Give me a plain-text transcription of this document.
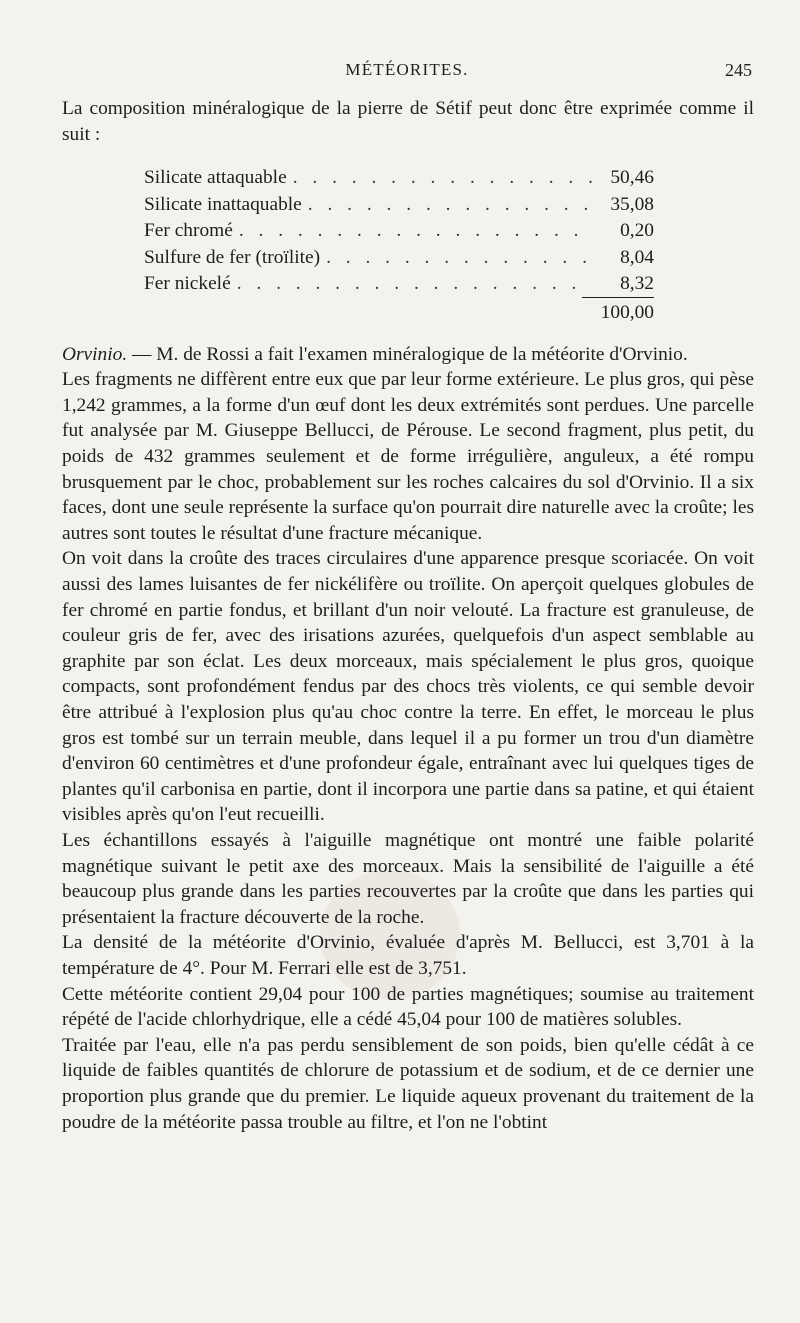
MÉTÉORITES.	245

La composition minéralogique de la pierre de Sétif peut donc être exprimée comme il suit :

Silicate attaquable . . .	50,46
Silicate inattaquable . . .	35,08
Fer chromé . . .	0,20
Sulfure de fer (troïlite) . . .	8,04
Fer nickelé . . .	8,32
100,00

Orvinio. — M. de Rossi a fait l'examen minéralogique de la météorite d'Orvinio.

Les fragments ne diffèrent entre eux que par leur forme extérieure. Le plus gros, qui pèse 1,242 grammes, a la forme d'un œuf dont les deux extrémités sont perdues. Une parcelle fut analysée par M. Giuseppe Bellucci, de Pérouse. Le second fragment, plus petit, du poids de 432 grammes seulement et de forme irrégulière, anguleux, a été rompu brusquement par le choc, probablement sur les roches calcaires du sol d'Orvinio. Il a six faces, dont une seule représente la surface qu'on pourrait dire naturelle avec la croûte; les autres sont toutes le résultat d'une fracture mécanique.

On voit dans la croûte des traces circulaires d'une apparence presque scoriacée. On voit aussi des lames luisantes de fer nickélifère ou troïlite. On aperçoit quelques globules de fer chromé en partie fondus, et brillant d'un noir velouté. La fracture est granuleuse, de couleur gris de fer, avec des irisations azurées, quelquefois d'un aspect semblable au graphite par son éclat. Les deux morceaux, mais spécialement le plus gros, quoique compacts, sont profondément fendus par des chocs très violents, ce qui semble devoir être attribué à l'explosion plus qu'au choc contre la terre. En effet, le morceau le plus gros est tombé sur un terrain meuble, dans lequel il a pu former un trou d'un diamètre d'environ 60 centimètres et d'une profondeur égale, entraînant avec lui quelques tiges de plantes qu'il carbonisa en partie, dont il incorpora une partie dans sa patine, et qui étaient visibles après qu'on l'eut recueilli.

Les échantillons essayés à l'aiguille magnétique ont montré une faible polarité magnétique suivant le petit axe des morceaux. Mais la sensibilité de l'aiguille a été beaucoup plus grande dans les parties recouvertes par la croûte que dans les parties qui présentaient la fracture découverte de la roche.

La densité de la météorite d'Orvinio, évaluée d'après M. Bellucci, est 3,701 à la température de 4°. Pour M. Ferrari elle est de 3,751.

Cette météorite contient 29,04 pour 100 de parties magnétiques; soumise au traitement répété de l'acide chlorhydrique, elle a cédé 45,04 pour 100 de matières solubles.

Traitée par l'eau, elle n'a pas perdu sensiblement de son poids, bien qu'elle cédât à ce liquide de faibles quantités de chlorure de potassium et de sodium, et de ce dernier une proportion plus grande que du premier. Le liquide aqueux provenant du traitement de la poudre de la météorite passa trouble au filtre, et l'on ne l'obtint
